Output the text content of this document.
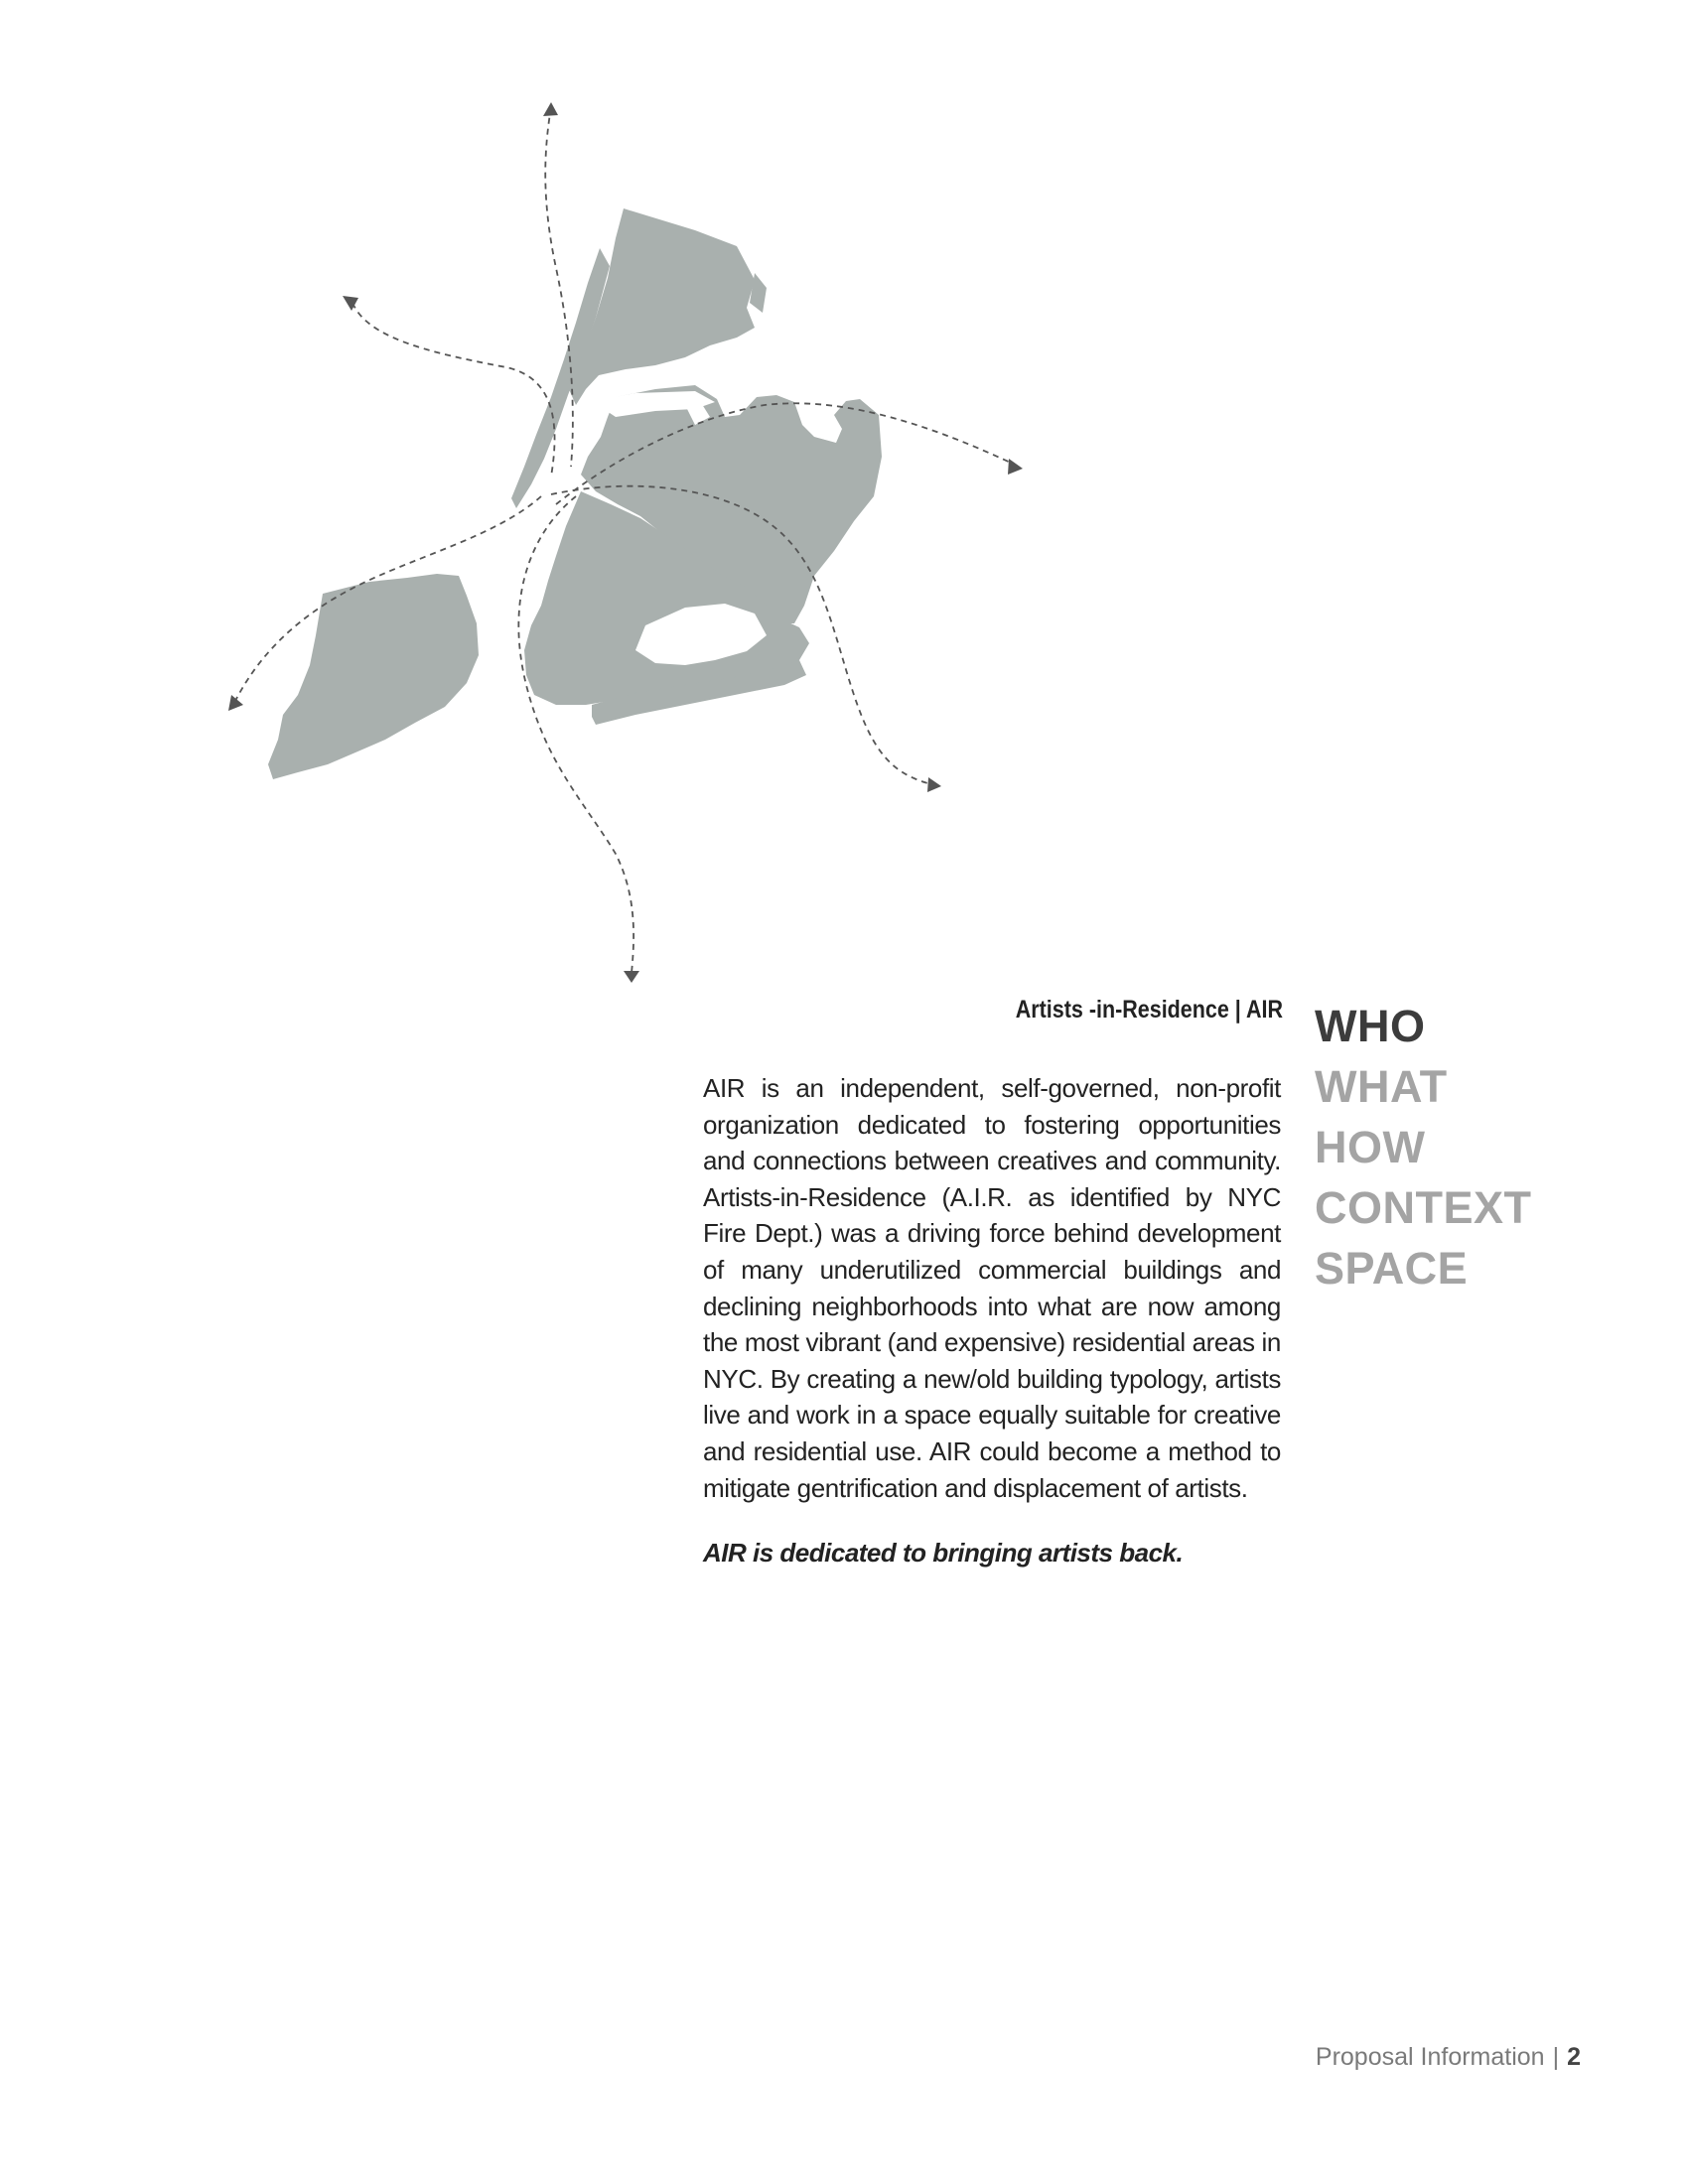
Artists -in-Residence | AIR
AIR is an independent, self-governed, non-profit organization dedicated to fostering opportunities and connections between creatives and community. Artists-in-Residence (A.I.R. as identified by NYC Fire Dept.) was a driving force behind development of many underutilized commercial buildings and declining neighborhoods into what are now among the most vibrant (and expensive) residential areas in NYC. By creating a new/old building typology, artists live and work in a space equally suitable for creative and residential use. AIR could become a method to mitigate gentrification and displacement of artists.
AIR is dedicated to bringing artists back.
WHO
WHAT
HOW
CONTEXT
SPACE
Proposal Information | 2
